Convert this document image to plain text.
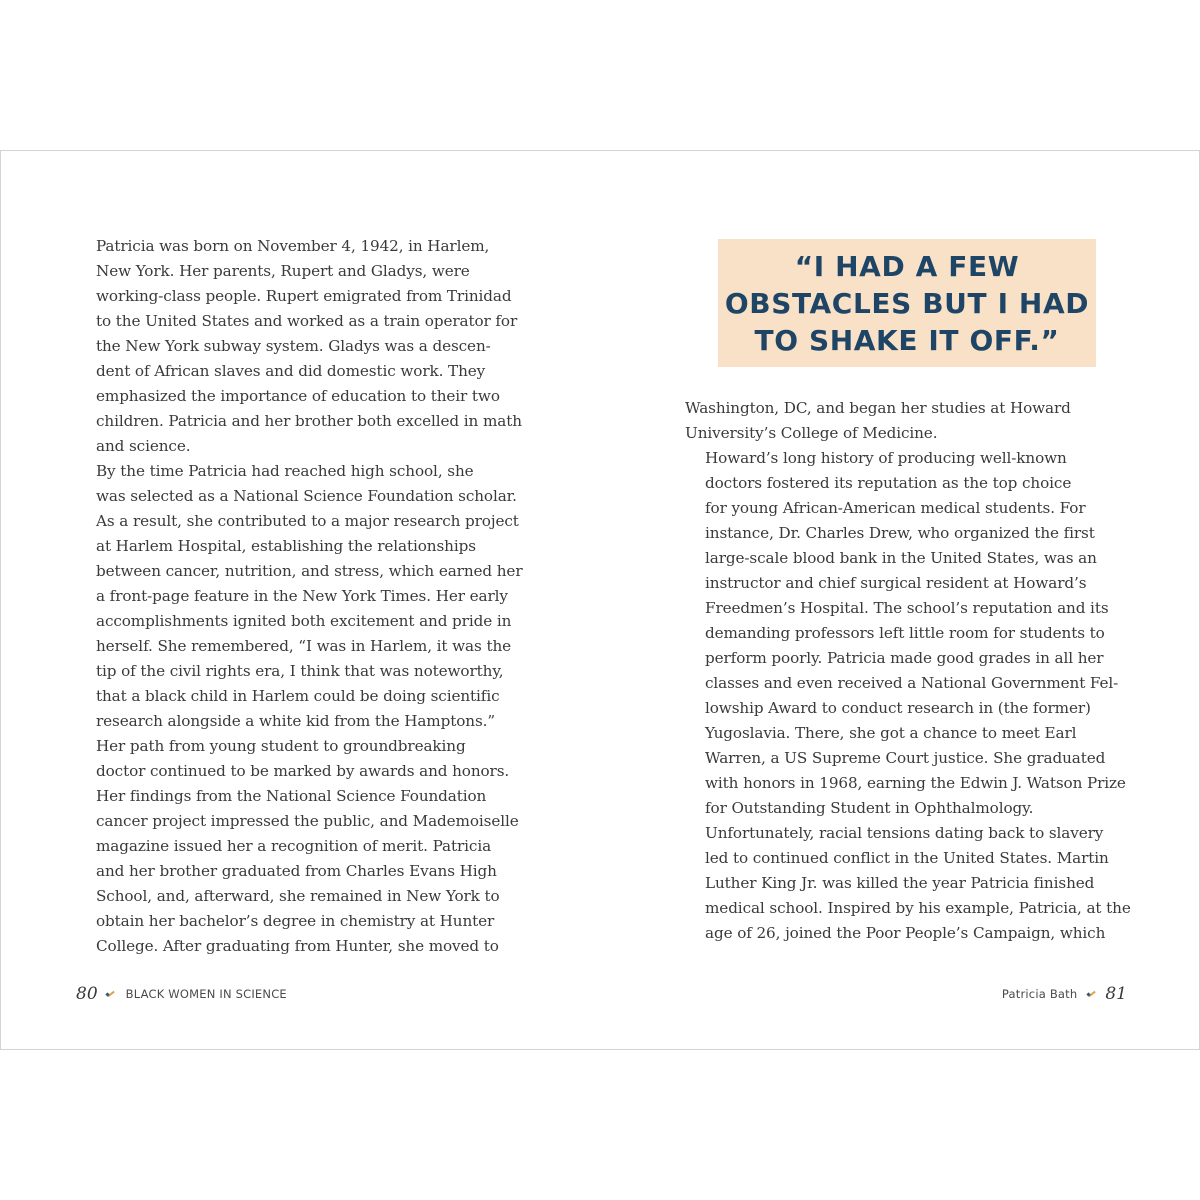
Patricia was born on November 4, 1942, in Harlem,
New York. Her parents, Rupert and Gladys, were
working-class people. Rupert emigrated from Trinidad
to the United States and worked as a train operator for
the New York subway system. Gladys was a descen-
dent of African slaves and did domestic work. They
emphasized the importance of education to their two
children. Patricia and her brother both excelled in math
and science.

By the time Patricia had reached high school, she
was selected as a National Science Foundation scholar.
As a result, she contributed to a major research project
at Harlem Hospital, establishing the relationships
between cancer, nutrition, and stress, which earned her
a front-page feature in the New York Times. Her early
accomplishments ignited both excitement and pride in
herself. She remembered, “I was in Harlem, it was the
tip of the civil rights era, I think that was noteworthy,
that a black child in Harlem could be doing scientific
research alongside a white kid from the Hamptons.”

Her path from young student to groundbreaking
doctor continued to be marked by awards and honors.
Her findings from the National Science Foundation
cancer project impressed the public, and Mademoiselle
magazine issued her a recognition of merit. Patricia
and her brother graduated from Charles Evans High
School, and, afterward, she remained in New York to
obtain her bachelor’s degree in chemistry at Hunter
College. After graduating from Hunter, she moved to

80 BLACK WOMEN IN SCIENCE
“I HAD A FEW
OBSTACLES BUT I HAD
TO SHAKE IT OFF.”

Washington, DC, and began her studies at Howard
University’s College of Medicine.

Howard’s long history of producing well-known
doctors fostered its reputation as the top choice
for young African-American medical students. For
instance, Dr. Charles Drew, who organized the first
large-scale blood bank in the United States, was an
instructor and chief surgical resident at Howard’s
Freedmen’s Hospital. The school’s reputation and its
demanding professors left little room for students to
perform poorly. Patricia made good grades in all her
classes and even received a National Government Fel-
lowship Award to conduct research in (the former)
Yugoslavia. There, she got a chance to meet Earl
Warren, a US Supreme Court justice. She graduated
with honors in 1968, earning the Edwin J. Watson Prize
for Outstanding Student in Ophthalmology.

Unfortunately, racial tensions dating back to slavery
led to continued conflict in the United States. Martin
Luther King Jr. was killed the year Patricia finished
medical school. Inspired by his example, Patricia, at the
age of 26, joined the Poor People’s Campaign, which

Patricia Bath 81
